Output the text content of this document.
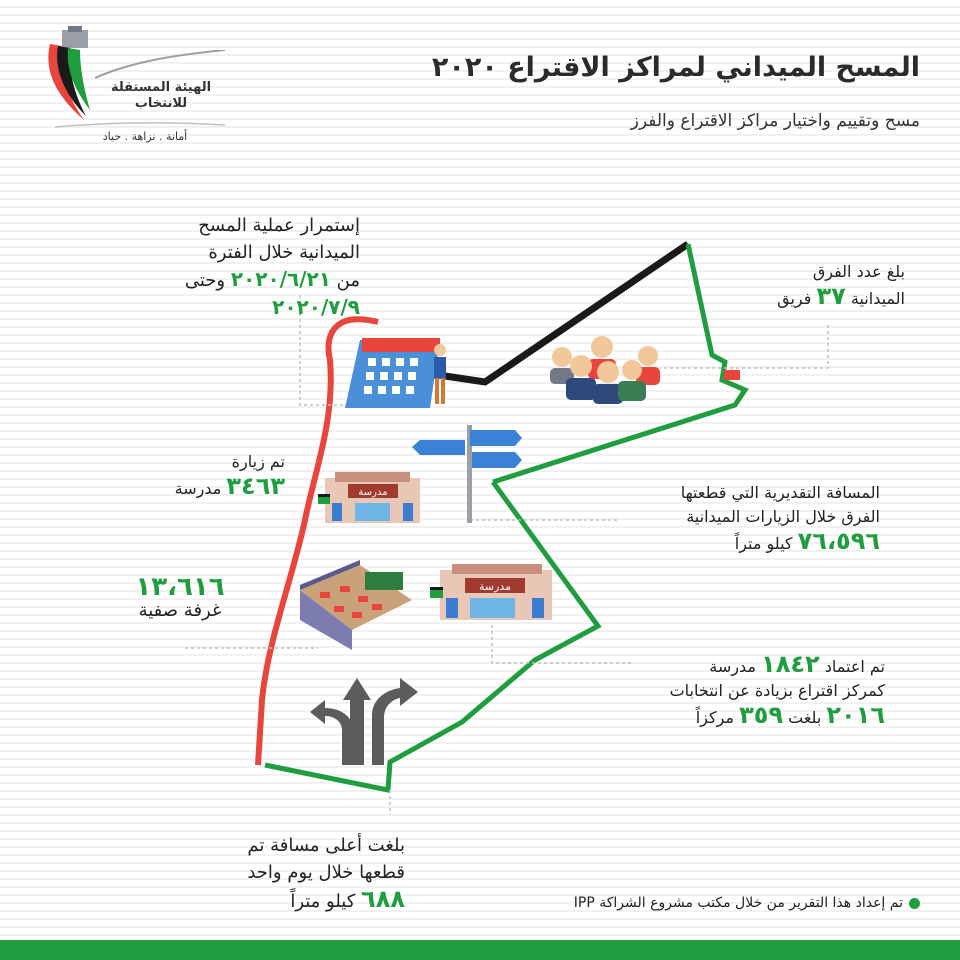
مدرسة
مدرسة
المسح الميداني لمراكز الاقتراع ٢٠٢٠
مسح وتقييم واختيار مراكز الاقتراع والفرز
الهيئة المستقلة
للانتخاب
أمانة . نزاهة . حياد
إستمرار عملية المسح
الميدانية خلال الفترة
من ٢٠٢٠/٦/٢١ وحتى ٢٠٢٠/٧/٩
بلغ عدد الفرق
الميدانية ٣٧ فريق
تم زيارة
٣٤٦٣ مدرسة	المسافة التقديرية التي قطعتها
الفرق خلال الزيارات الميدانية
٧٦،٥٩٦ كيلو متراً
١٣،٦١٦
غرفة صفية
تم اعتماد ١٨٤٢ مدرسة
كمركز اقتراع بزيادة عن انتخابات
٢٠١٦ بلغت ٣٥٩ مركزاً
بلغت أعلى مسافة تم
قطعها خلال يوم واحد
٦٨٨ كيلو متراً	تم إعداد هذا التقرير من خلال مكتب مشروع الشراكة IPP
